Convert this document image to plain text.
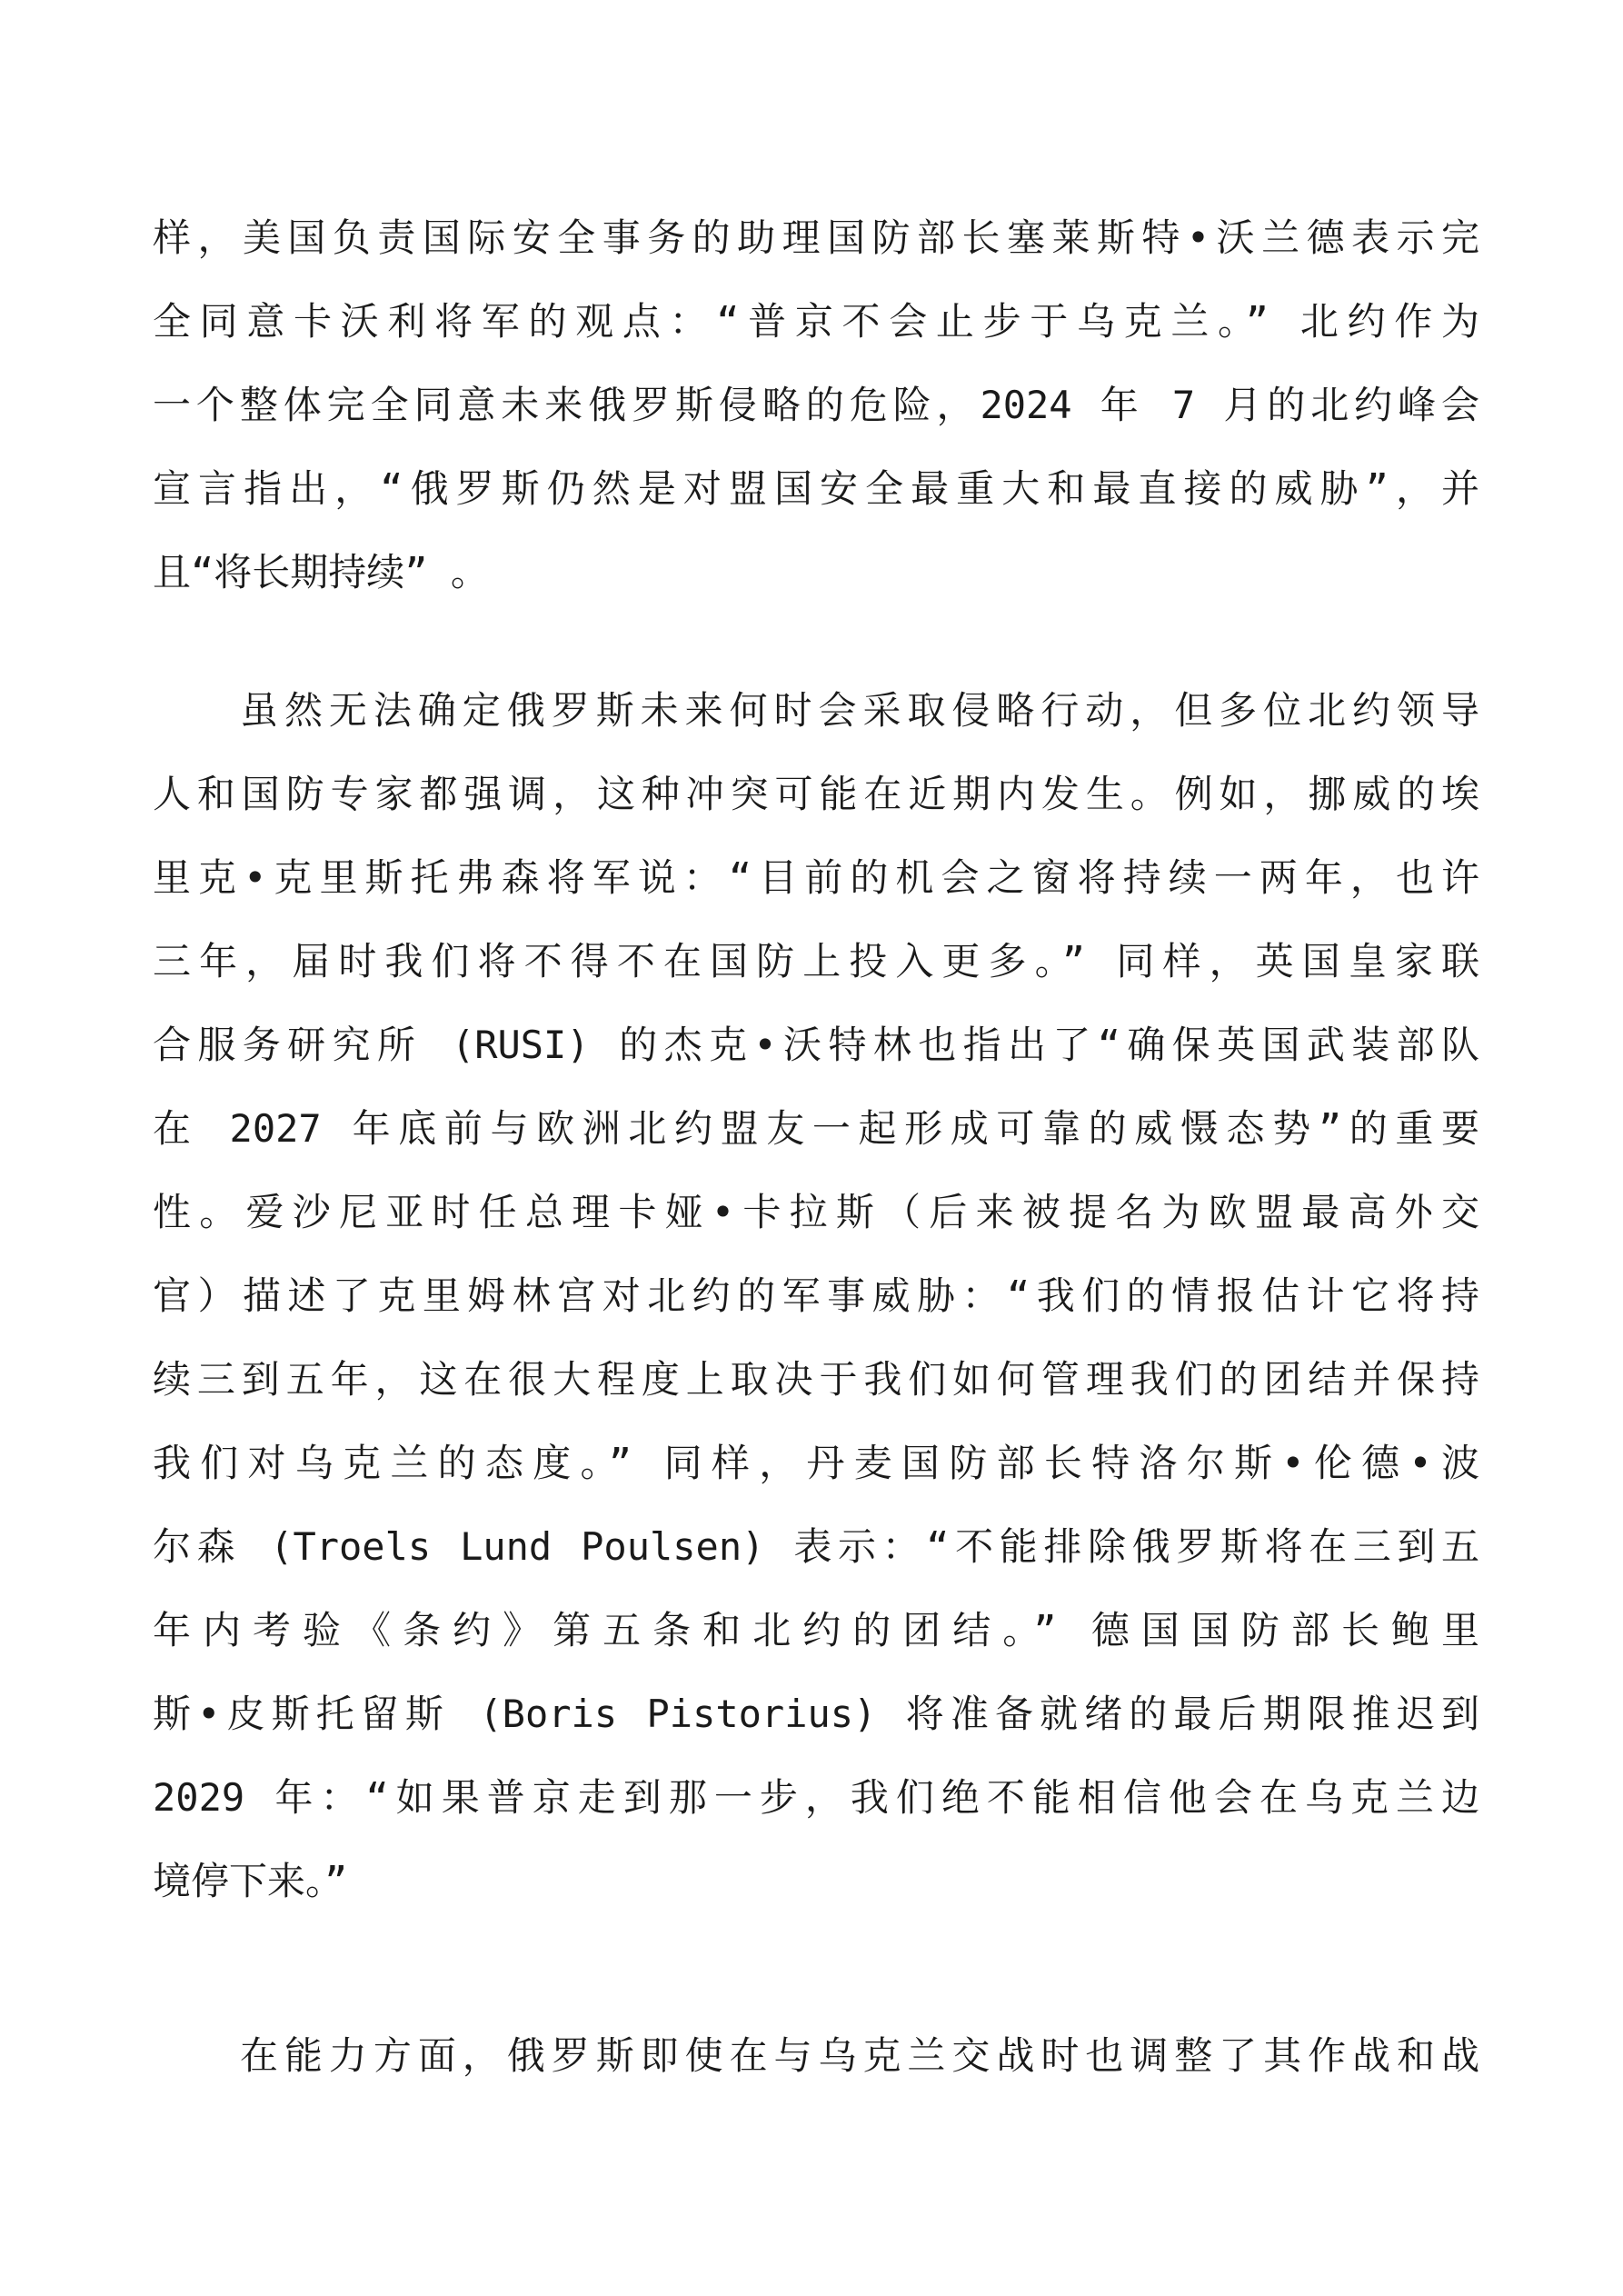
样，美国负责国际安全事务的助理国防部长塞莱斯特•沃兰德表示完
全同意卡沃利将军的观点：“普京不会止步于乌克兰。” 北约作为
一个整体完全同意未来俄罗斯侵略的危险，2024 年 7 月的北约峰会
宣言指出，“俄罗斯仍然是对盟国安全最重大和最直接的威胁”，并
且“将长期持续” 。
虽然无法确定俄罗斯未来何时会采取侵略行动，但多位北约领导
人和国防专家都强调，这种冲突可能在近期内发生。例如，挪威的埃
里克•克里斯托弗森将军说：“目前的机会之窗将持续一两年，也许
三年，届时我们将不得不在国防上投入更多。” 同样，英国皇家联
合服务研究所 (RUSI) 的杰克•沃特林也指出了“确保英国武装部队
在 2027 年底前与欧洲北约盟友一起形成可靠的威慑态势”的重要
性。爱沙尼亚时任总理卡娅•卡拉斯（后来被提名为欧盟最高外交
官）描述了克里姆林宫对北约的军事威胁：“我们的情报估计它将持
续三到五年，这在很大程度上取决于我们如何管理我们的团结并保持
我们对乌克兰的态度。” 同样，丹麦国防部长特洛尔斯•伦德•波
尔森 (Troels Lund Poulsen) 表示：“不能排除俄罗斯将在三到五
年内考验《条约》第五条和北约的团结。” 德国国防部长鲍里
斯•皮斯托留斯 (Boris Pistorius) 将准备就绪的最后期限推迟到
2029 年：“如果普京走到那一步，我们绝不能相信他会在乌克兰边
境停下来。”
在能力方面，俄罗斯即使在与乌克兰交战时也调整了其作战和战
